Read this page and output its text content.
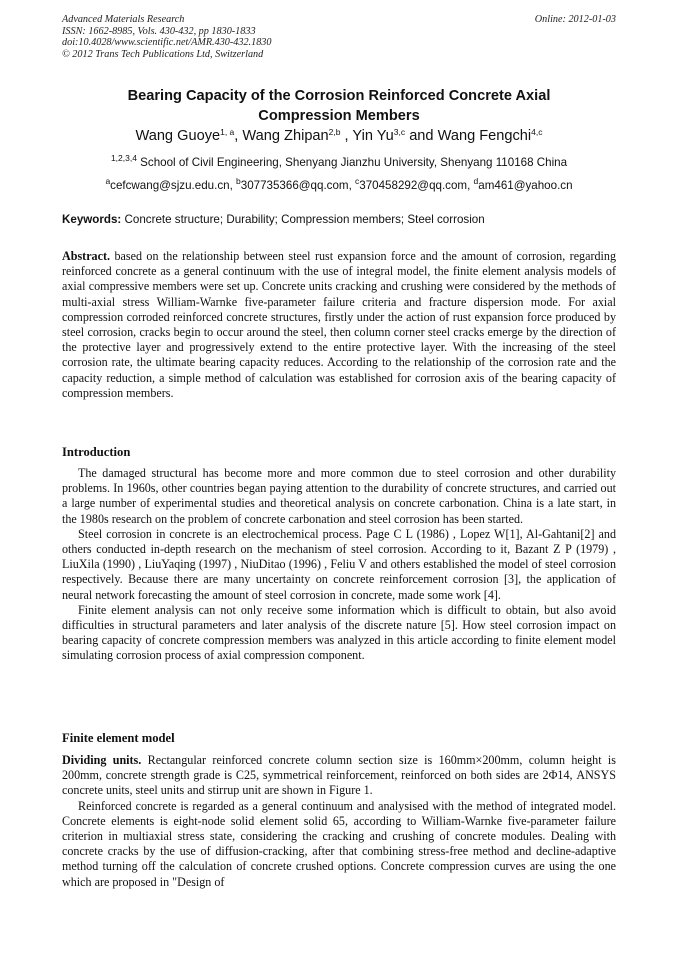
Advanced Materials Research
ISSN: 1662-8985, Vols. 430-432, pp 1830-1833
doi:10.4028/www.scientific.net/AMR.430-432.1830
© 2012 Trans Tech Publications Ltd, Switzerland
Online: 2012-01-03
Bearing Capacity of the Corrosion Reinforced Concrete Axial
Compression Members
Wang Guoye$^{1, a}$, Wang Zhipan$^{2,b}$ , Yin Yu$^{3,c}$ and Wang Fengchi$^{4,c}$
$^{1,2,3,4}$ School of Civil Engineering, Shenyang Jianzhu University, Shenyang 110168 China
$^a$cefcwang@sjzu.edu.cn, $^b$307735366@qq.com, $^c$370458292@qq.com, $^d$am461@yahoo.cn
Keywords: Concrete structure; Durability; Compression members; Steel corrosion

Abstract. based on the relationship between steel rust expansion force and the amount of corrosion, regarding reinforced concrete as a general continuum with the use of integral model, the finite element analysis models of axial compressive members were set up. Concrete units cracking and crushing were considered by the methods of multi-axial stress William-Warnke five-parameter failure criteria and fracture dispersion mode. For axial compression corroded reinforced concrete structures, firstly under the action of rust expansion force produced by steel corrosion, cracks begin to occur around the steel, then column corner steel cracks emerge by the direction of the protective layer and progressively extend to the entire protective layer. With the increasing of the steel corrosion rate, the ultimate bearing capacity reduces. According to the relationship of the corrosion rate and the capacity reduction, a simple method of calculation was established for corrosion axis of the bearing capacity of compression members.

Introduction

The damaged structural has become more and more common due to steel corrosion and other durability problems. In 1960s, other countries began paying attention to the durability of concrete structures, and carried out a large number of experimental studies and theoretical analysis on concrete carbonation. China is a late start, in the 1980s research on the problem of concrete carbonation and steel corrosion has been started.

Steel corrosion in concrete is an electrochemical process. Page C L (1986) , Lopez W[1], Al-Gahtani[2] and others conducted in-depth research on the mechanism of steel corrosion. According to it, Bazant Z P (1979) , LiuXila (1990) , LiuYaqing (1997) , NiuDitao (1996) , Feliu V and others established the model of steel corrosion respectively. Because there are many uncertainty on concrete reinforcement corrosion [3], the application of neural network forecasting the amount of steel corrosion in concrete, made some work [4].

Finite element analysis can not only receive some information which is difficult to obtain, but also avoid difficulties in structural parameters and later analysis of the discrete nature [5]. How steel corrosion impact on bearing capacity of concrete compression members was analyzed in this article according to finite element model simulating corrosion process of axial compression component.

Finite element model

Dividing units. Rectangular reinforced concrete column section size is 160mm×200mm, column height is 200mm, concrete strength grade is C25, symmetrical reinforcement, reinforced on both sides are 2Φ14, ANSYS concrete units, steel units and stirrup unit are shown in Figure 1.

Reinforced concrete is regarded as a general continuum and analysised with the method of integrated model. Concrete elements is eight-node solid element solid 65, according to William-Warnke five-parameter failure criterion in multiaxial stress state, considering the cracking and crushing of concrete modules. Dealing with concrete cracks by the use of diffusion-cracking, after that combining stress-free method and decline-adaptive method turning off the calculation of concrete crushed options. Concrete compression curves are using the one which are proposed in "Design of
